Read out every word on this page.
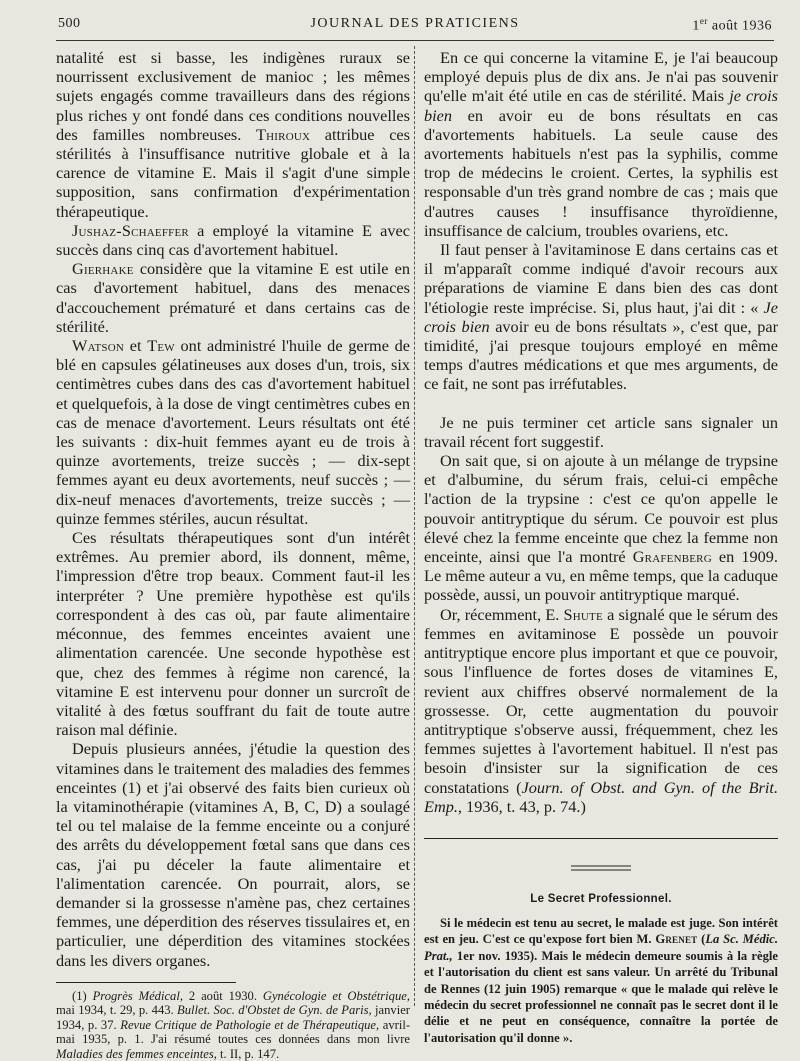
500	JOURNAL DES PRATICIENS	1er août 1936

natalité est si basse, les indigènes ruraux se nourrissent exclusivement de manioc ; les mêmes sujets engagés comme travailleurs dans des régions plus riches y ont fondé dans ces conditions nouvelles des familles nombreuses. Thiroux attribue ces stérilités à l'insuffisance nutritive globale et à la carence de vitamine E. Mais il s'agit d'une simple supposition, sans confirmation d'expérimentation thérapeutique.

Jushaz-Schaeffer a employé la vitamine E avec succès dans cinq cas d'avortement habituel.

Gierhake considère que la vitamine E est utile en cas d'avortement habituel, dans des menaces d'accouchement prématuré et dans certains cas de stérilité.

Watson et Tew ont administré l'huile de germe de blé en capsules gélatineuses aux doses d'un, trois, six centimètres cubes dans des cas d'avortement habituel et quelquefois, à la dose de vingt centimètres cubes en cas de menace d'avortement. Leurs résultats ont été les suivants : dix-huit femmes ayant eu de trois à quinze avortements, treize succès ; — dix-sept femmes ayant eu deux avortements, neuf succès ; — dix-neuf menaces d'avortements, treize succès ; — quinze femmes stériles, aucun résultat.

Ces résultats thérapeutiques sont d'un intérêt extrêmes. Au premier abord, ils donnent, même, l'impression d'être trop beaux. Comment faut-il les interpréter ? Une première hypothèse est qu'ils correspondent à des cas où, par faute alimentaire méconnue, des femmes enceintes avaient une alimentation carencée. Une seconde hypothèse est que, chez des femmes à régime non carencé, la vitamine E est intervenu pour donner un surcroît de vitalité à des fœtus souffrant du fait de toute autre raison mal définie.

Depuis plusieurs années, j'étudie la question des vitamines dans le traitement des maladies des femmes enceintes (1) et j'ai observé des faits bien curieux où la vitaminothérapie (vitamines A, B, C, D) a soulagé tel ou tel malaise de la femme enceinte ou a conjuré des arrêts du développement fœtal sans que dans ces cas, j'ai pu déceler la faute alimentaire et l'alimentation carencée. On pourrait, alors, se demander si la grossesse n'amène pas, chez certaines femmes, une déperdition des réserves tissulaires et, en particulier, une déperdition des vitamines stockées dans les divers organes.

(1) Progrès Médical, 2 août 1930. Gynécologie et Obstétrique, mai 1934, t. 29, p. 443. Bullet. Soc. d'Obstet de Gyn. de Paris, janvier 1934, p. 37. Revue Critique de Pathologie et de Thérapeutique, avril-mai 1935, p. 1. J'ai résumé toutes ces données dans mon livre Maladies des femmes enceintes, t. II, p. 147.

En ce qui concerne la vitamine E, je l'ai beaucoup employé depuis plus de dix ans. Je n'ai pas souvenir qu'elle m'ait été utile en cas de stérilité. Mais je crois bien en avoir eu de bons résultats en cas d'avortements habituels. La seule cause des avortements habituels n'est pas la syphilis, comme trop de médecins le croient. Certes, la syphilis est responsable d'un très grand nombre de cas ; mais que d'autres causes ! insuffisance thyroïdienne, insuffisance de calcium, troubles ovariens, etc.

Il faut penser à l'avitaminose E dans certains cas et il m'apparaît comme indiqué d'avoir recours aux préparations de viamine E dans bien des cas dont l'étiologie reste imprécise. Si, plus haut, j'ai dit : « Je crois bien avoir eu de bons résultats », c'est que, par timidité, j'ai presque toujours employé en même temps d'autres médications et que mes arguments, de ce fait, ne sont pas irréfutables.

Je ne puis terminer cet article sans signaler un travail récent fort suggestif.

On sait que, si on ajoute à un mélange de trypsine et d'albumine, du sérum frais, celui-ci empêche l'action de la trypsine : c'est ce qu'on appelle le pouvoir antitryptique du sérum. Ce pouvoir est plus élevé chez la femme enceinte que chez la femme non enceinte, ainsi que l'a montré Grafenberg en 1909. Le même auteur a vu, en même temps, que la caduque possède, aussi, un pouvoir antitryptique marqué.

Or, récemment, E. Shute a signalé que le sérum des femmes en avitaminose E possède un pouvoir antitryptique encore plus important et que ce pouvoir, sous l'influence de fortes doses de vitamines E, revient aux chiffres observé normalement de la grossesse. Or, cette augmentation du pouvoir antitryptique s'observe aussi, fréquemment, chez les femmes sujettes à l'avortement habituel. Il n'est pas besoin d'insister sur la signification de ces constatations (Journ. of Obst. and Gyn. of the Brit. Emp., 1936, t. 43, p. 74.)

Le Secret Professionnel.

Si le médecin est tenu au secret, le malade est juge. Son intérêt est en jeu. C'est ce qu'expose fort bien M. Grenet (La Sc. Médic. Prat., 1er nov. 1935). Mais le médecin demeure soumis à la règle et l'autorisation du client est sans valeur. Un arrêté du Tribunal de Rennes (12 juin 1905) remarque « que le malade qui relève le médecin du secret professionnel ne connaît pas le secret dont il le délie et ne peut en conséquence, connaître la portée de l'autorisation qu'il donne ».
